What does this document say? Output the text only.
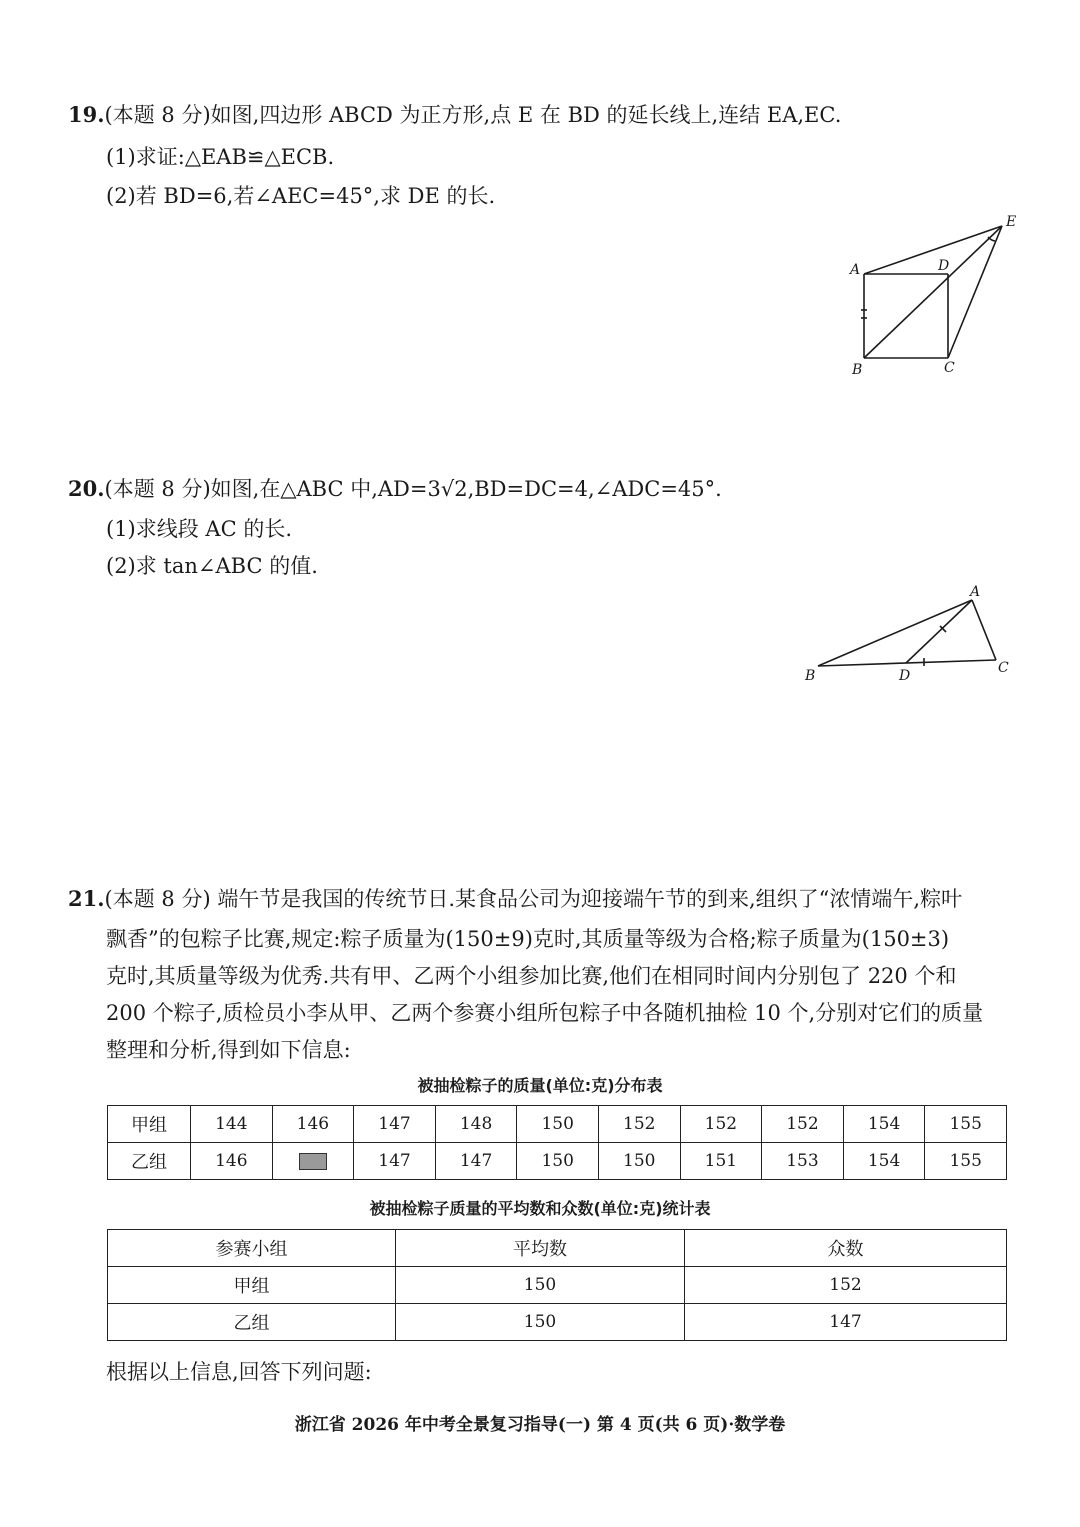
19.(本题 8 分)如图,四边形 ABCD 为正方形,点 E 在 BD 的延长线上,连结 EA,EC.
(1)求证:△EAB≌△ECB.
(2)若 BD=6,若∠AEC=45°,求 DE 的长.
E
A	D
B	C
20.(本题 8 分)如图,在△ABC 中,AD=3√2,BD=DC=4,∠ADC=45°.
(1)求线段 AC 的长.
(2)求 tan∠ABC 的值.
A
B	D	C
21.(本题 8 分) 端午节是我国的传统节日.某食品公司为迎接端午节的到来,组织了“浓情端午,粽叶
飘香”的包粽子比赛,规定:粽子质量为(150±9)克时,其质量等级为合格;粽子质量为(150±3)
克时,其质量等级为优秀.共有甲、乙两个小组参加比赛,他们在相同时间内分别包了 220 个和
200 个粽子,质检员小李从甲、乙两个参赛小组所包粽子中各随机抽检 10 个,分别对它们的质量
整理和分析,得到如下信息:
被抽检粽子的质量(单位:克)分布表
甲组	144	146	147	148	150	152	152	152	154	155
乙组	146		147	147	150	150	151	153	154	155
被抽检粽子质量的平均数和众数(单位:克)统计表
参赛小组	平均数	众数
甲组	150	152
乙组	150	147
根据以上信息,回答下列问题:
浙江省 2026 年中考全景复习指导(一) 第 4 页(共 6 页)·数学卷
